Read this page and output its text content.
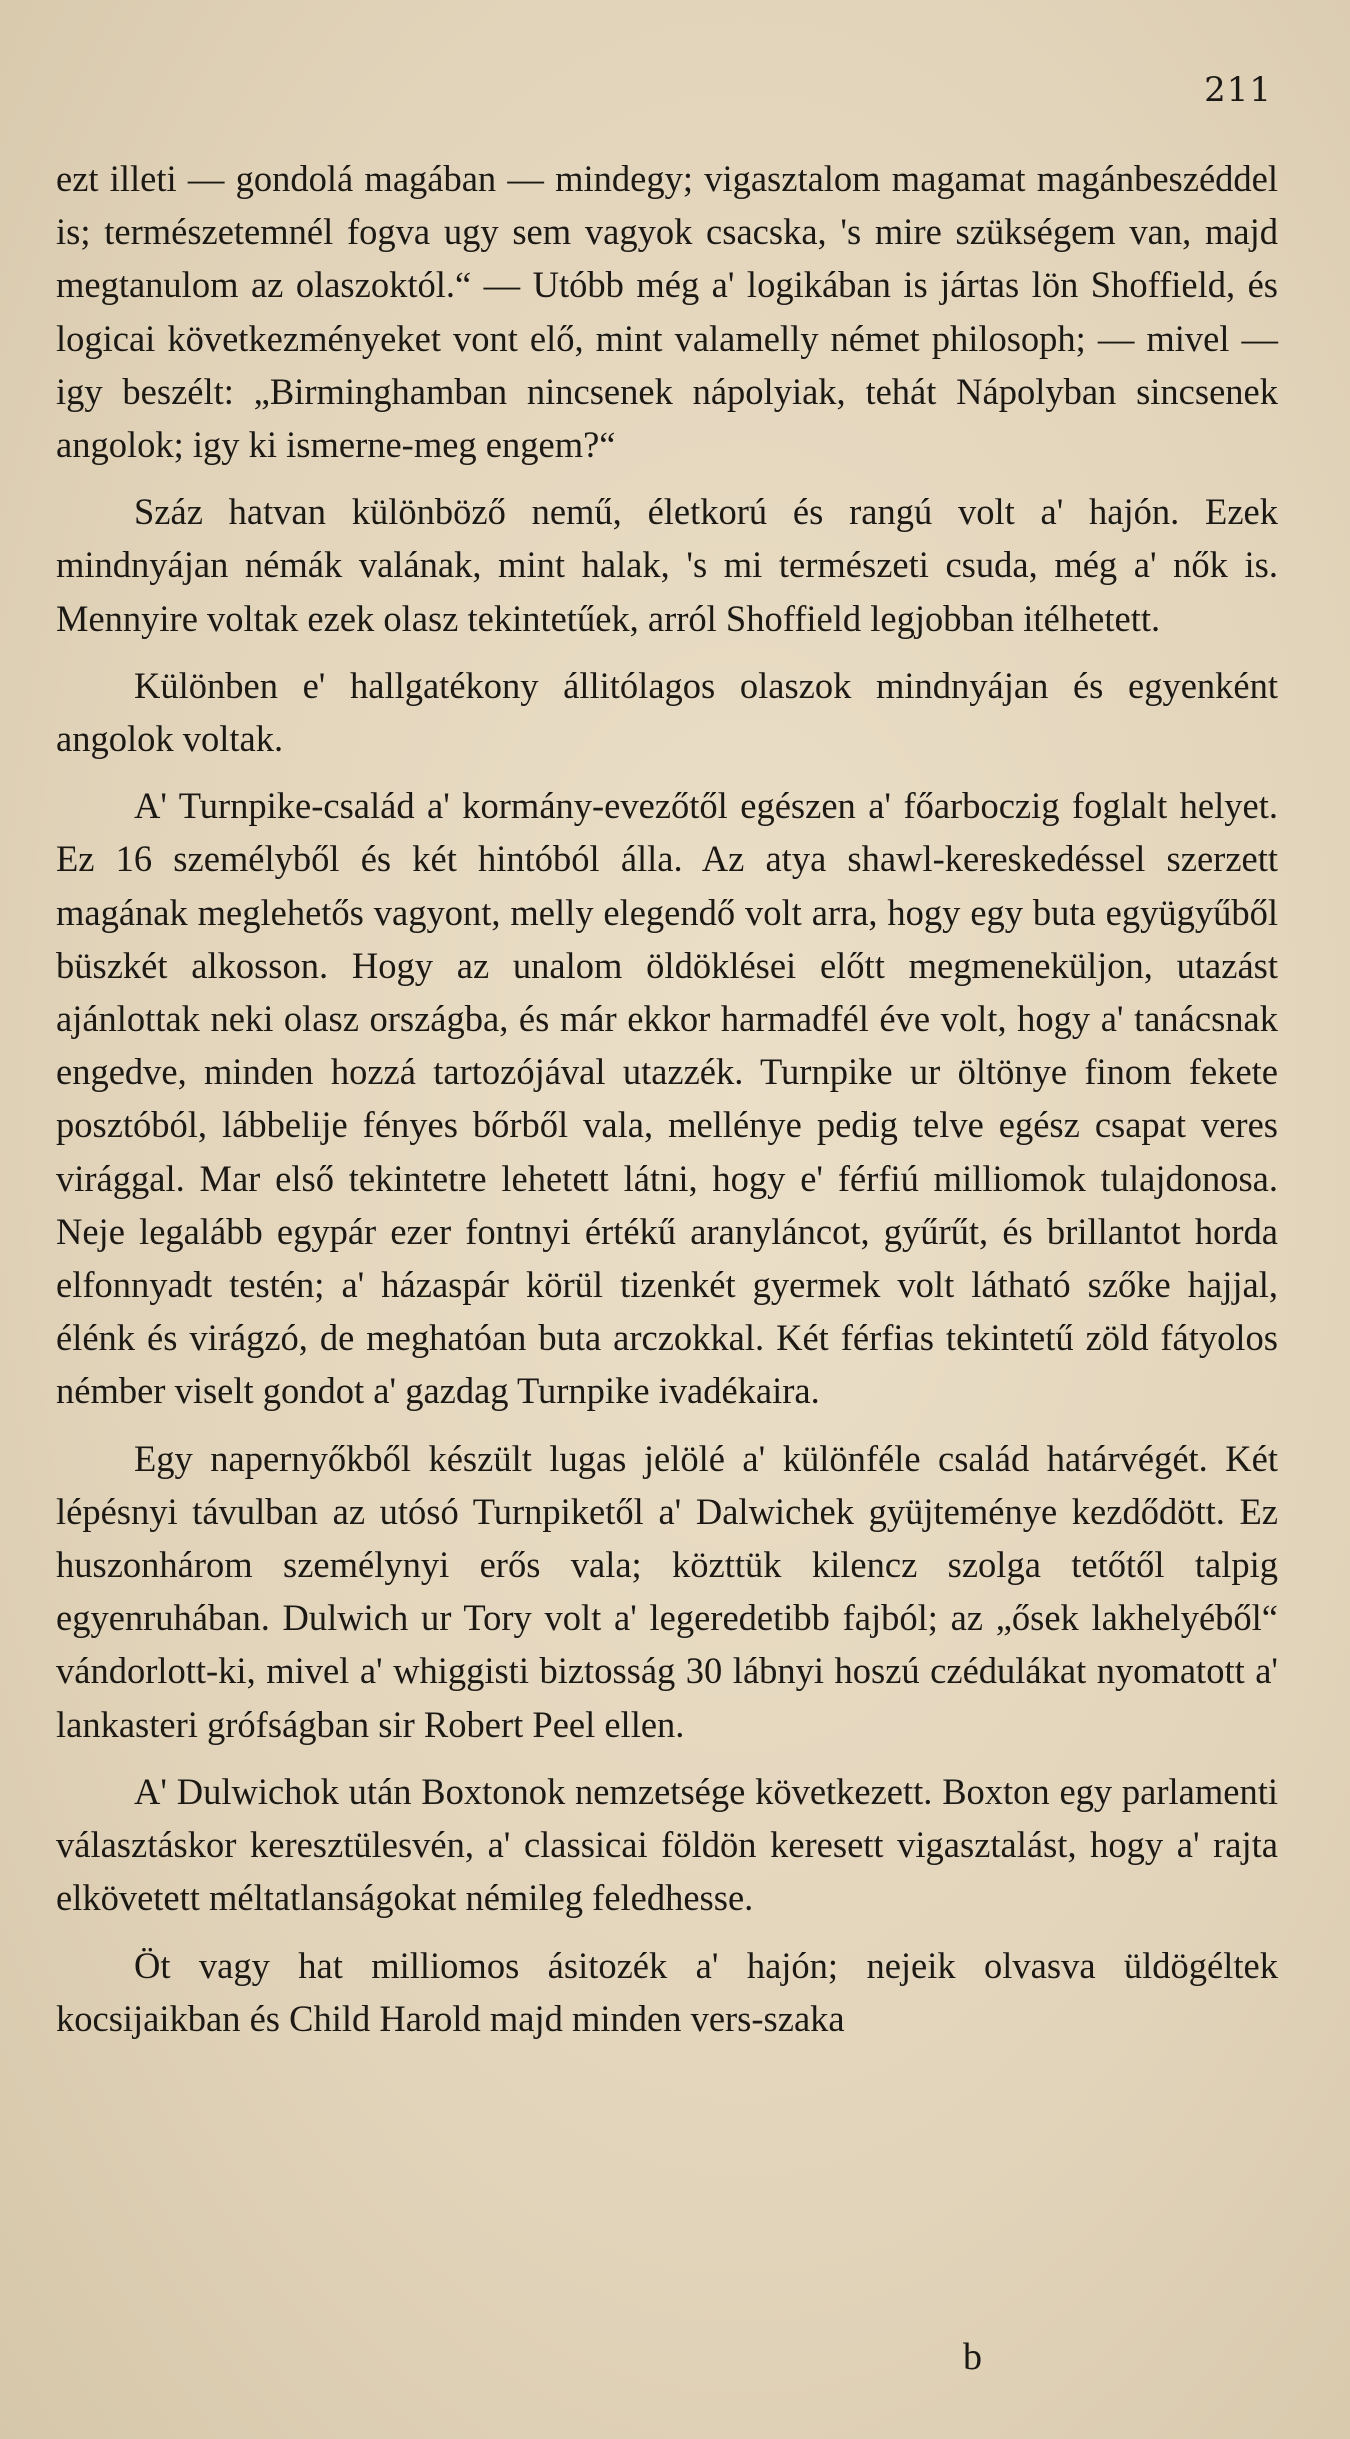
211

ezt illeti — gondolá magában — mindegy; vigasztalom magamat magánbeszéddel is; természetemnél fogva ugy sem vagyok csacska, 's mire szükségem van, majd megtanulom az olaszoktól.“ — Utóbb még a' logikában is jártas lön Shoffield, és logicai következményeket vont elő, mint valamelly német philosoph; — mivel — igy beszélt: „Birminghamban nincsenek nápolyiak, tehát Nápolyban sincsenek angolok; igy ki ismerne-meg engem?“

Száz hatvan különböző nemű, életkorú és rangú volt a' hajón. Ezek mindnyájan némák valának, mint halak, 's mi természeti csuda, még a' nők is. Mennyire voltak ezek olasz tekintetűek, arról Shoffield legjobban itélhetett.

Különben e' hallgatékony állitólagos olaszok mindnyájan és egyenként angolok voltak.

A' Turnpike-család a' kormány-evezőtől egészen a' főarboczig foglalt helyet. Ez 16 személyből és két hintóból álla. Az atya shawl-kereskedéssel szerzett magának meglehetős vagyont, melly elegendő volt arra, hogy egy buta együgyűből büszkét alkosson. Hogy az unalom öldöklései előtt megmeneküljon, utazást ajánlottak neki olasz országba, és már ekkor harmadfél éve volt, hogy a' tanácsnak engedve, minden hozzá tartozójával utazzék. Turnpike ur öltönye finom fekete posztóból, lábbelije fényes bőrből vala, mellénye pedig telve egész csapat veres virággal. Mar első tekintetre lehetett látni, hogy e' férfiú milliomok tulajdonosa. Neje legalább egypár ezer fontnyi értékű aranyláncot, gyűrűt, és brillantot horda elfonnyadt testén; a' házaspár körül tizenkét gyermek volt látható szőke hajjal, élénk és virágzó, de meghatóan buta arczokkal. Két férfias tekintetű zöld fátyolos némber viselt gondot a' gazdag Turnpike ivadékaira.

Egy napernyőkből készült lugas jelölé a' különféle család határvégét. Két lépésnyi távulban az utósó Turnpiketől a' Dalwichek gyüjteménye kezdődött. Ez huszonhárom személynyi erős vala; közttük kilencz szolga tetőtől talpig egyenruhában. Dulwich ur Tory volt a' legeredetibb fajból; az „ősek lakhelyéből“ vándorlott-ki, mivel a' whiggisti biztosság 30 lábnyi hoszú czédulákat nyomatott a' lankasteri grófságban sir Robert Peel ellen.

A' Dulwichok után Boxtonok nemzetsége következett. Boxton egy parlamenti választáskor keresztülesvén, a' classicai földön keresett vigasztalást, hogy a' rajta elkövetett méltatlanságokat némileg feledhesse.

Öt vagy hat milliomos ásitozék a' hajón; nejeik olvasva üldögéltek kocsijaikban és Child Harold majd minden vers-szaka

b
